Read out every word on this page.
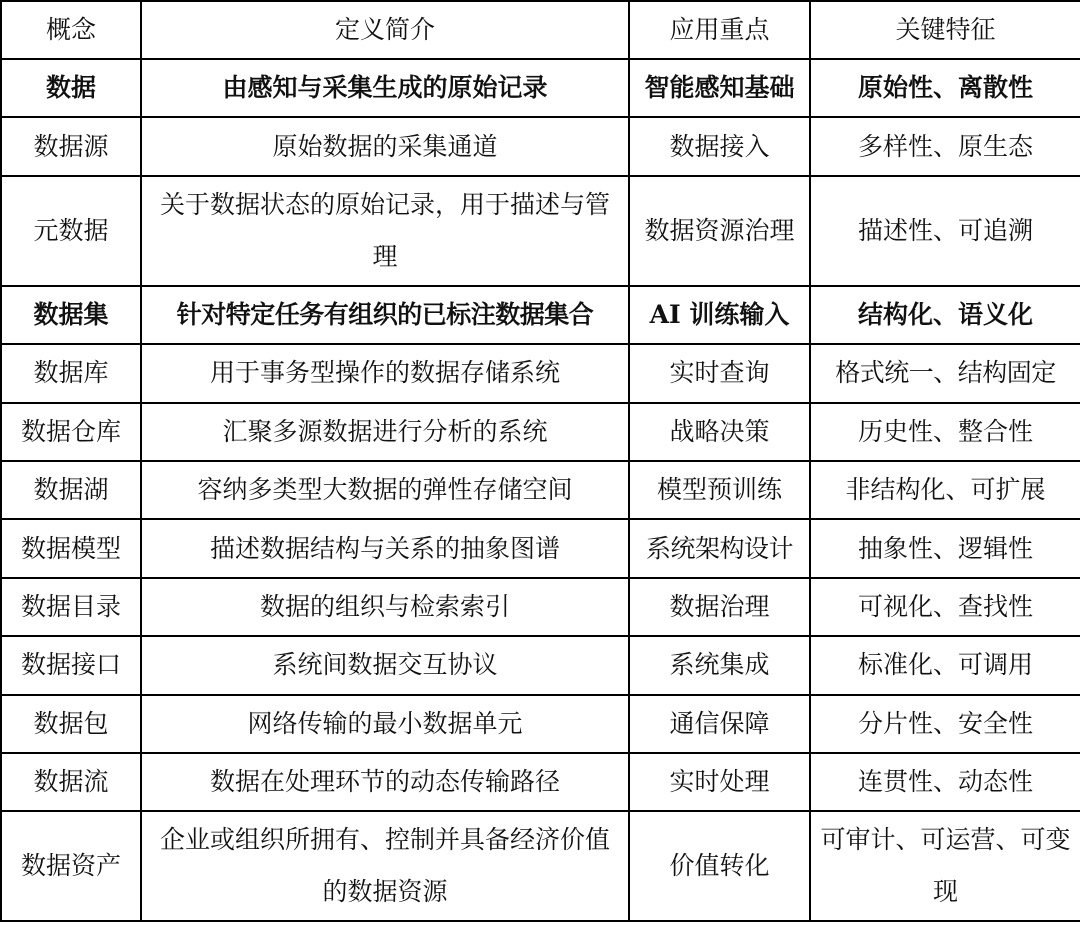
概念	定义简介	应用重点	关键特征
数据	由感知与采集生成的原始记录	智能感知基础	原始性、离散性
数据源	原始数据的采集通道	数据接入	多样性、原生态
元数据	关于数据状态的原始记录，用于描述与管理	数据资源治理	描述性、可追溯
数据集	针对特定任务有组织的已标注数据集合	AI 训练输入	结构化、语义化
数据库	用于事务型操作的数据存储系统	实时查询	格式统一、结构固定
数据仓库	汇聚多源数据进行分析的系统	战略决策	历史性、整合性
数据湖	容纳多类型大数据的弹性存储空间	模型预训练	非结构化、可扩展
数据模型	描述数据结构与关系的抽象图谱	系统架构设计	抽象性、逻辑性
数据目录	数据的组织与检索索引	数据治理	可视化、查找性
数据接口	系统间数据交互协议	系统集成	标准化、可调用
数据包	网络传输的最小数据单元	通信保障	分片性、安全性
数据流	数据在处理环节的动态传输路径	实时处理	连贯性、动态性
数据资产	企业或组织所拥有、控制并具备经济价值的数据资源	价值转化	可审计、可运营、可变现
